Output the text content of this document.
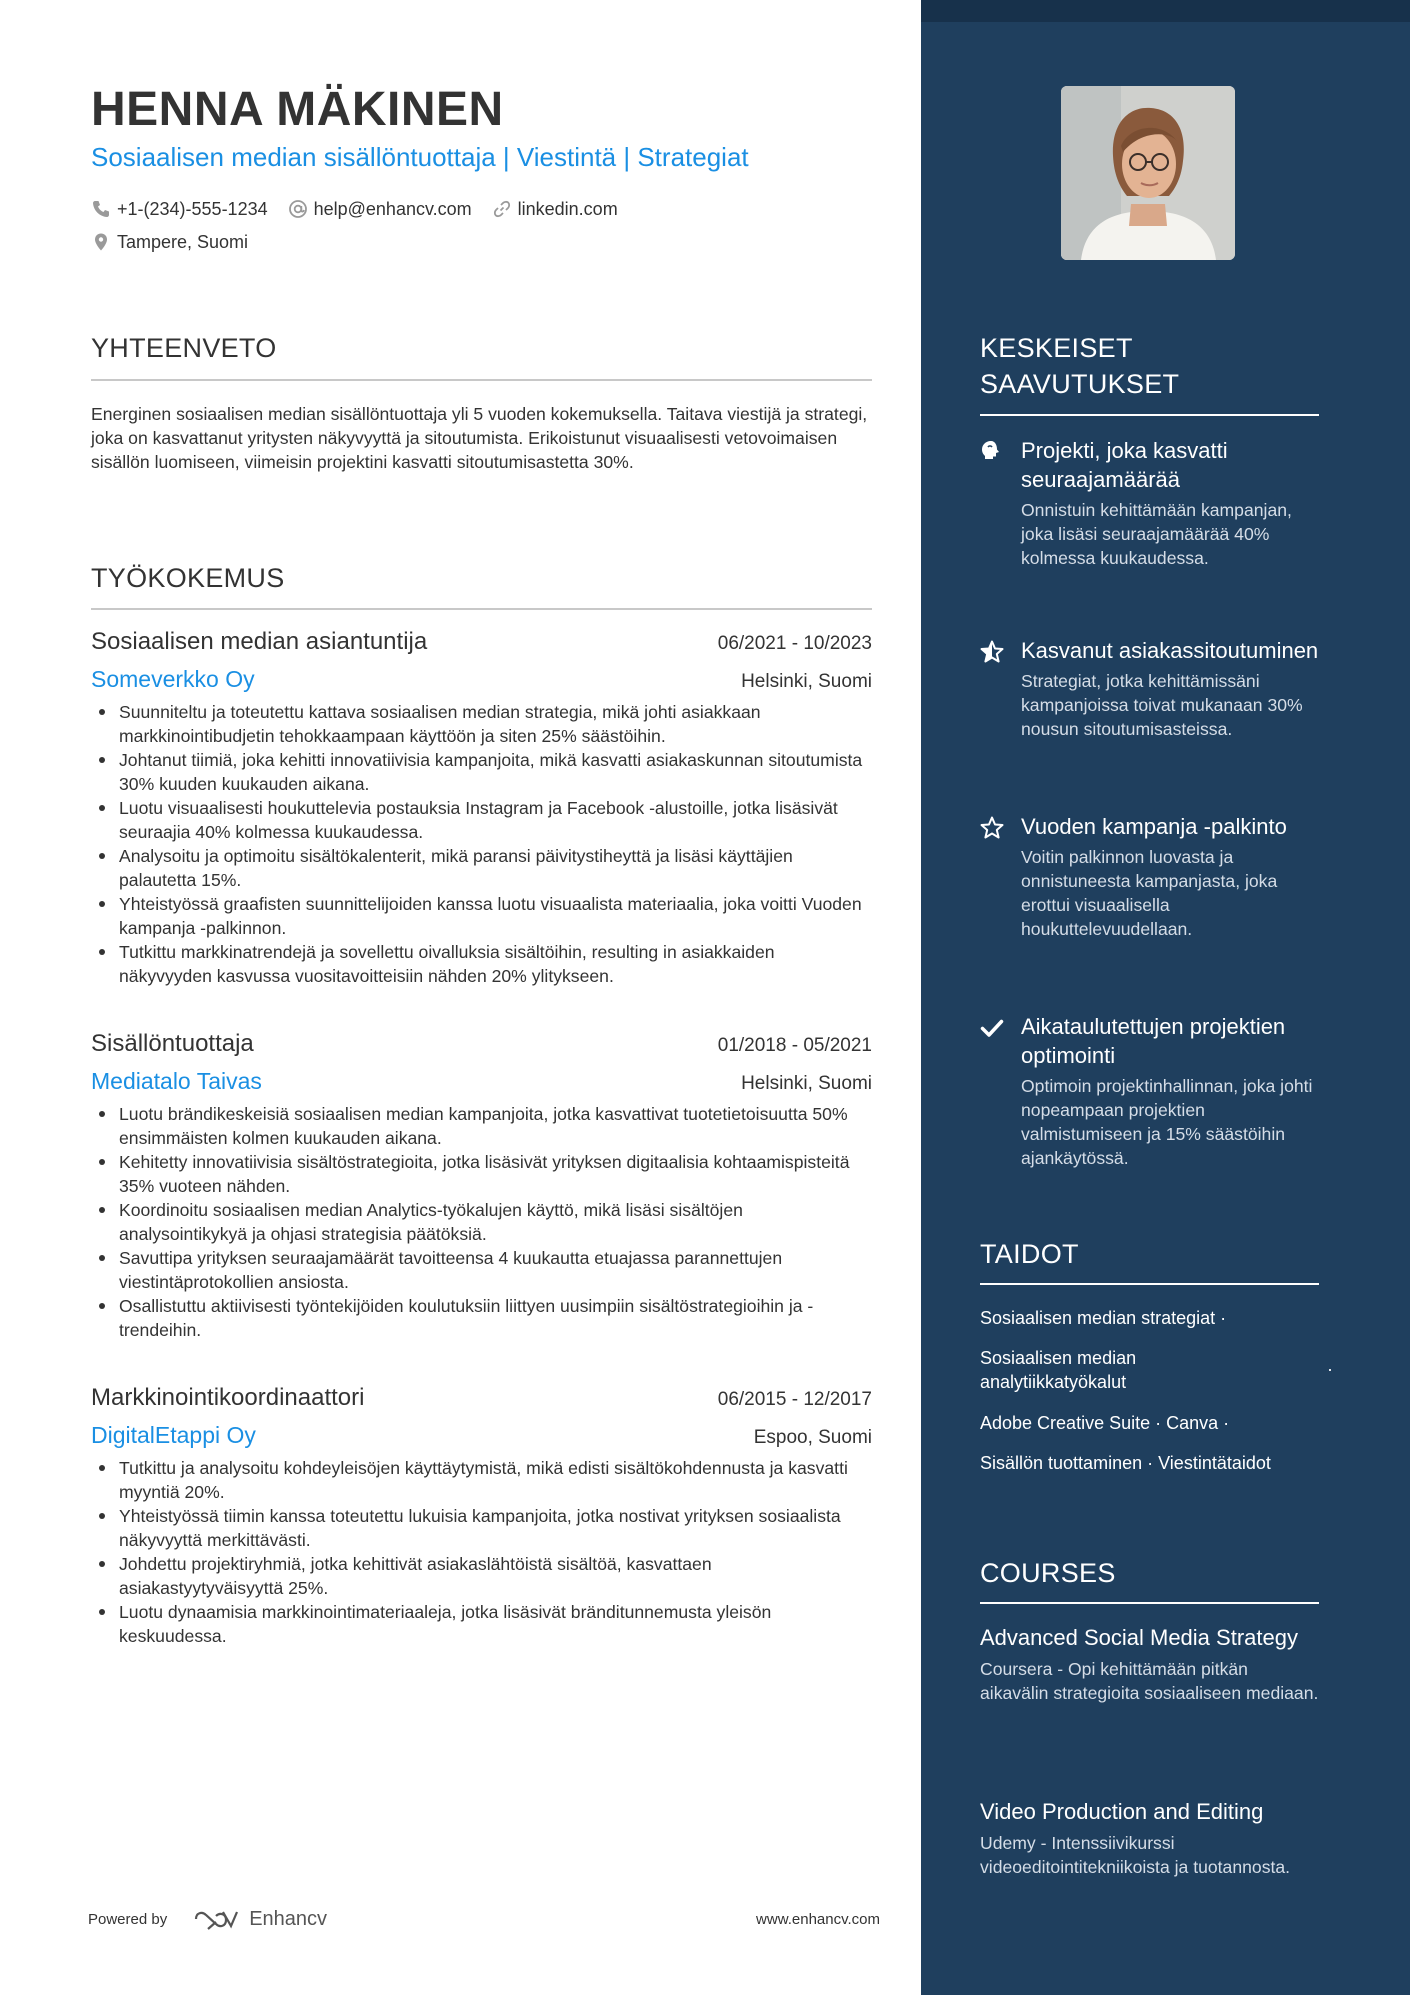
HENNA MÄKINEN
Sosiaalisen median sisällöntuottaja | Viestintä | Strategiat
+1-(234)-555-1234	help@enhancv.com	linkedin.com
Tampere, Suomi
YHTEENVETO
Energinen sosiaalisen median sisällöntuottaja yli 5 vuoden kokemuksella. Taitava viestijä ja strategi, joka on kasvattanut yritysten näkyvyyttä ja sitoutumista. Erikoistunut visuaalisesti vetovoimaisen sisällön luomiseen, viimeisin projektini kasvatti sitoutumisastetta 30%.
TYÖKOKEMUS
Sosiaalisen median asiantuntija	06/2021 - 10/2023
Someverkko Oy	Helsinki, Suomi
Suunniteltu ja toteutettu kattava sosiaalisen median strategia, mikä johti asiakkaan markkinointibudjetin tehokkaampaan käyttöön ja siten 25% säästöihin.
Johtanut tiimiä, joka kehitti innovatiivisia kampanjoita, mikä kasvatti asiakaskunnan sitoutumista 30% kuuden kuukauden aikana.
Luotu visuaalisesti houkuttelevia postauksia Instagram ja Facebook -alustoille, jotka lisäsivät seuraajia 40% kolmessa kuukaudessa.
Analysoitu ja optimoitu sisältökalenterit, mikä paransi päivitystiheyttä ja lisäsi käyttäjien palautetta 15%.
Yhteistyössä graafisten suunnittelijoiden kanssa luotu visuaalista materiaalia, joka voitti Vuoden kampanja -palkinnon.
Tutkittu markkinatrendejä ja sovellettu oivalluksia sisältöihin, resulting in asiakkaiden näkyvyyden kasvussa vuositavoitteisiin nähden 20% ylitykseen.
Sisällöntuottaja	01/2018 - 05/2021
Mediatalo Taivas	Helsinki, Suomi
Luotu brändikeskeisiä sosiaalisen median kampanjoita, jotka kasvattivat tuotetietoisuutta 50% ensimmäisten kolmen kuukauden aikana.
Kehitetty innovatiivisia sisältöstrategioita, jotka lisäsivät yrityksen digitaalisia kohtaamispisteitä 35% vuoteen nähden.
Koordinoitu sosiaalisen median Analytics-työkalujen käyttö, mikä lisäsi sisältöjen analysointikykyä ja ohjasi strategisia päätöksiä.
Savuttipa yrityksen seuraajamäärät tavoitteensa 4 kuukautta etuajassa parannettujen viestintäprotokollien ansiosta.
Osallistuttu aktiivisesti työntekijöiden koulutuksiin liittyen uusimpiin sisältöstrategioihin ja -trendeihin.
Markkinointikoordinaattori	06/2015 - 12/2017
DigitalEtappi Oy	Espoo, Suomi
Tutkittu ja analysoitu kohdeyleisöjen käyttäytymistä, mikä edisti sisältökohdennusta ja kasvatti myyntiä 20%.
Yhteistyössä tiimin kanssa toteutettu lukuisia kampanjoita, jotka nostivat yrityksen sosiaalista näkyvyyttä merkittävästi.
Johdettu projektiryhmiä, jotka kehittivät asiakaslähtöistä sisältöä, kasvattaen asiakastyytyväisyyttä 25%.
Luotu dynaamisia markkinointimateriaaleja, jotka lisäsivät bränditunnemusta yleisön keskuudessa.
Powered by	Enhancv	www.enhancv.com
KESKEISET
SAAVUTUKSET
Projekti, joka kasvatti seuraajamäärää
Onnistuin kehittämään kampanjan, joka lisäsi seuraajamäärää 40% kolmessa kuukaudessa.
Kasvanut asiakassitoutuminen
Strategiat, jotka kehittämissäni kampanjoissa toivat mukanaan 30% nousun sitoutumisasteissa.
Vuoden kampanja -palkinto
Voitin palkinnon luovasta ja onnistuneesta kampanjasta, joka erottui visuaalisella houkuttelevuudellaan.
Aikataulutettujen projektien optimointi
Optimoin projektinhallinnan, joka johti nopeampaan projektien valmistumiseen ja 15% säästöihin ajankäytössä.
TAIDOT
Sosiaalisen median strategiat ·
Sosiaalisen median analytiikkatyökalut
·
Adobe Creative Suite · Canva ·
Sisällön tuottaminen · Viestintätaidot
COURSES
Advanced Social Media Strategy
Coursera - Opi kehittämään pitkän aikavälin strategioita sosiaaliseen mediaan.
Video Production and Editing
Udemy - Intenssiivikurssi videoeditointitekniikoista ja tuotannosta.
